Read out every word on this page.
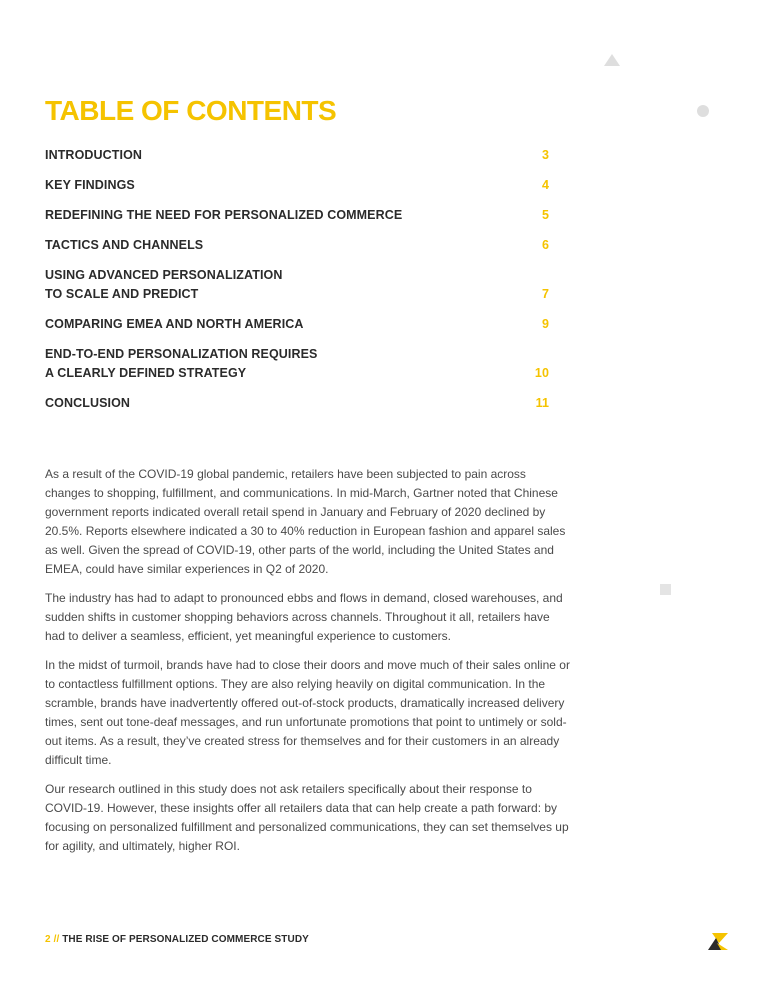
TABLE OF CONTENTS
INTRODUCTION	3
KEY FINDINGS	4
REDEFINING THE NEED FOR PERSONALIZED COMMERCE	5
TACTICS AND CHANNELS	6
USING ADVANCED PERSONALIZATION
TO SCALE AND PREDICT	7
COMPARING EMEA AND NORTH AMERICA	9
END-TO-END PERSONALIZATION REQUIRES
A CLEARLY DEFINED STRATEGY	10
CONCLUSION	11

As a result of the COVID-19 global pandemic, retailers have been subjected to pain across changes to shopping, fulfillment, and communications. In mid-March, Gartner noted that Chinese government reports indicated overall retail spend in January and February of 2020 declined by 20.5%. Reports elsewhere indicated a 30 to 40% reduction in European fashion and apparel sales as well. Given the spread of COVID-19, other parts of the world, including the United States and EMEA, could have similar experiences in Q2 of 2020.

The industry has had to adapt to pronounced ebbs and flows in demand, closed warehouses, and sudden shifts in customer shopping behaviors across channels. Throughout it all, retailers have had to deliver a seamless, efficient, yet meaningful experience to customers.

In the midst of turmoil, brands have had to close their doors and move much of their sales online or to contactless fulfillment options. They are also relying heavily on digital communication. In the scramble, brands have inadvertently offered out-of-stock products, dramatically increased delivery times, sent out tone-deaf messages, and run unfortunate promotions that point to untimely or sold-out items. As a result, they’ve created stress for themselves and for their customers in an already difficult time.

Our research outlined in this study does not ask retailers specifically about their response to COVID-19. However, these insights offer all retailers data that can help create a path forward: by focusing on personalized fulfillment and personalized communications, they can set themselves up for agility, and ultimately, higher ROI.

2 // THE RISE OF PERSONALIZED COMMERCE STUDY
